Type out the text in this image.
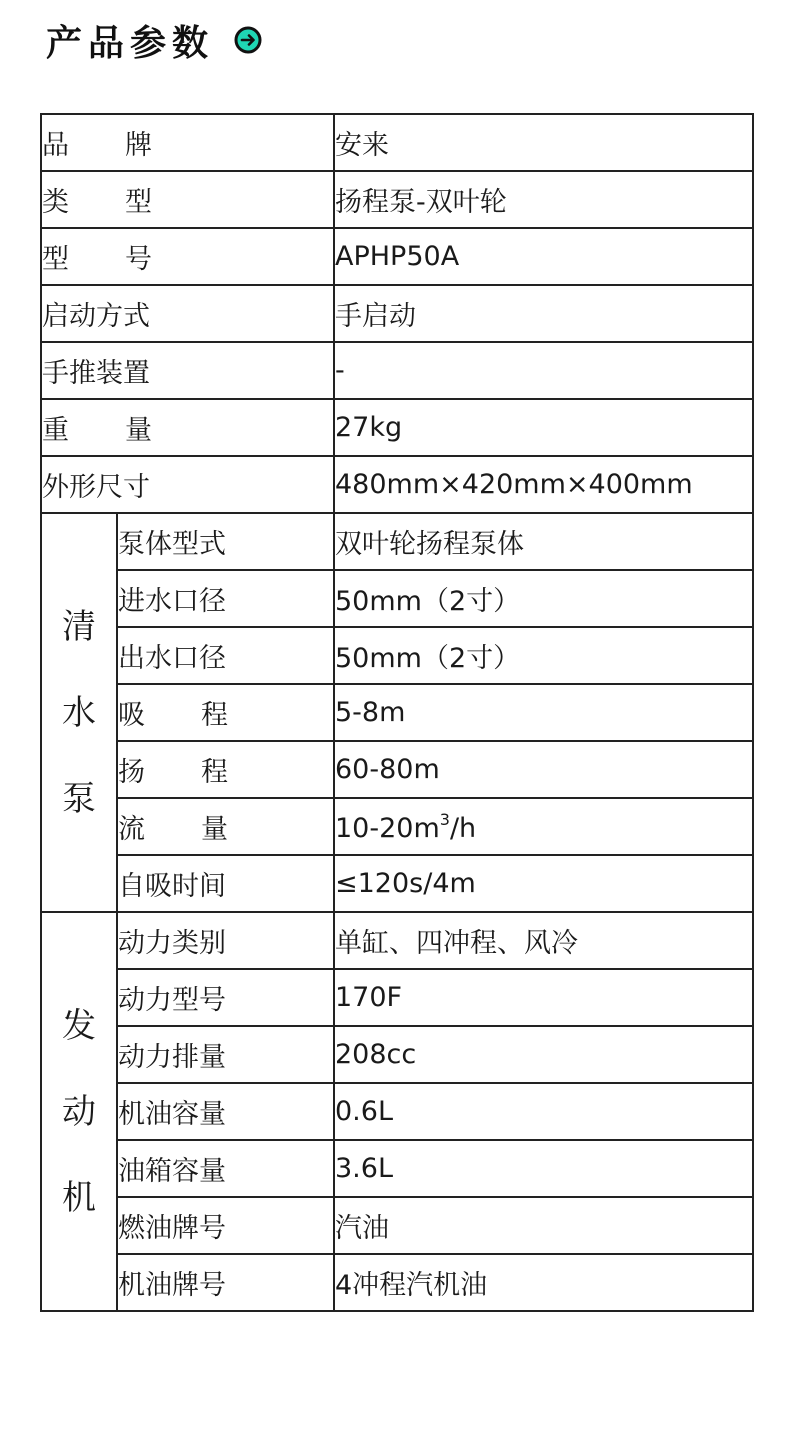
产品参数
品 牌		安来
类 型		扬程泵-双叶轮
型 号		APHP50A
启动方式		手启动
手推装置		-
重 量		27kg
外形尺寸		480mm×420mm×400mm
清
水
泵	泵体型式	双叶轮扬程泵体
	进水口径	50mm（2寸）
	出水口径	50mm（2寸）
	吸 程	5-8m
	扬 程	60-80m
	流 量	$10-20m^3/h$
	自吸时间	≤120s/4m
发
动
机	动力类别	单缸、四冲程、风冷
	动力型号	170F
	动力排量	208cc
	机油容量	0.6L
	油箱容量	3.6L
	燃油牌号	汽油
	机油牌号	4冲程汽机油
